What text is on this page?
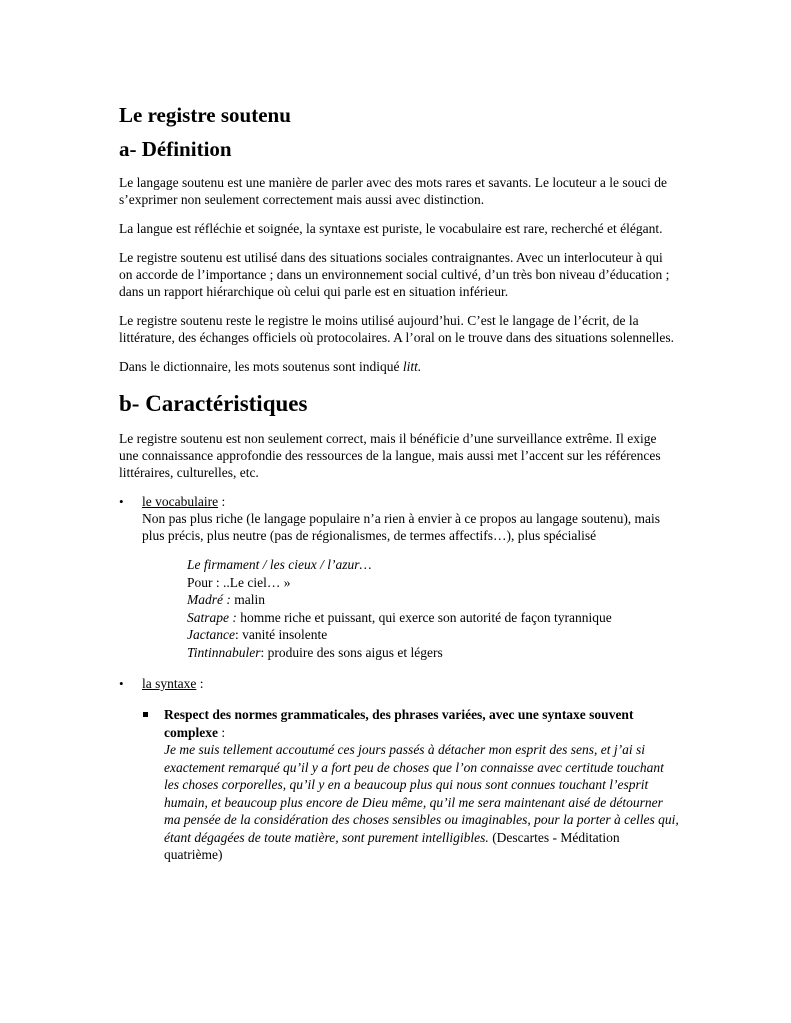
Le registre soutenu
a- Définition

Le langage soutenu est une manière de parler avec des mots rares et savants. Le locuteur a le souci de s’exprimer non seulement correctement mais aussi avec distinction.

La langue est réfléchie et soignée, la syntaxe est puriste, le vocabulaire est rare, recherché et élégant.

Le registre soutenu est utilisé dans des situations sociales contraignantes. Avec un interlocuteur à qui on accorde de l’importance ; dans un environnement social cultivé, d’un très bon niveau d’éducation ; dans un rapport hiérarchique où celui qui parle est en situation inférieur.

Le registre soutenu reste le registre le moins utilisé aujourd’hui. C’est le langage de l’écrit, de la littérature, des échanges officiels où protocolaires. A l’oral on le trouve dans des situations solennelles.

Dans le dictionnaire, les mots soutenus sont indiqué litt.

b- Caractéristiques

Le registre soutenu est non seulement correct, mais il bénéficie d’une surveillance extrême. Il exige une connaissance approfondie des ressources de la langue, mais aussi met l’accent sur les références littéraires, culturelles, etc.

• le vocabulaire :
Non pas plus riche (le langage populaire n’a rien à envier à ce propos au langage soutenu), mais plus précis, plus neutre (pas de régionalismes, de termes affectifs…), plus spécialisé
Le firmament / les cieux / l’azur…
Pour : ..Le ciel… »
Madré : malin
Satrape : homme riche et puissant, qui exerce son autorité de façon tyrannique
Jactance: vanité insolente
Tintinnabuler: produire des sons aigus et légers
• la syntaxe :
Respect des normes grammaticales, des phrases variées, avec une syntaxe souvent complexe :
Je me suis tellement accoutumé ces jours passés à détacher mon esprit des sens, et j’ai si exactement remarqué qu’il y a fort peu de choses que l’on connaisse avec certitude touchant les choses corporelles, qu’il y en a beaucoup plus qui nous sont connues touchant l’esprit humain, et beaucoup plus encore de Dieu même, qu’il me sera maintenant aisé de détourner ma pensée de la considération des choses sensibles ou imaginables, pour la porter à celles qui, étant dégagées de toute matière, sont purement intelligibles. (Descartes - Méditation quatrième)
